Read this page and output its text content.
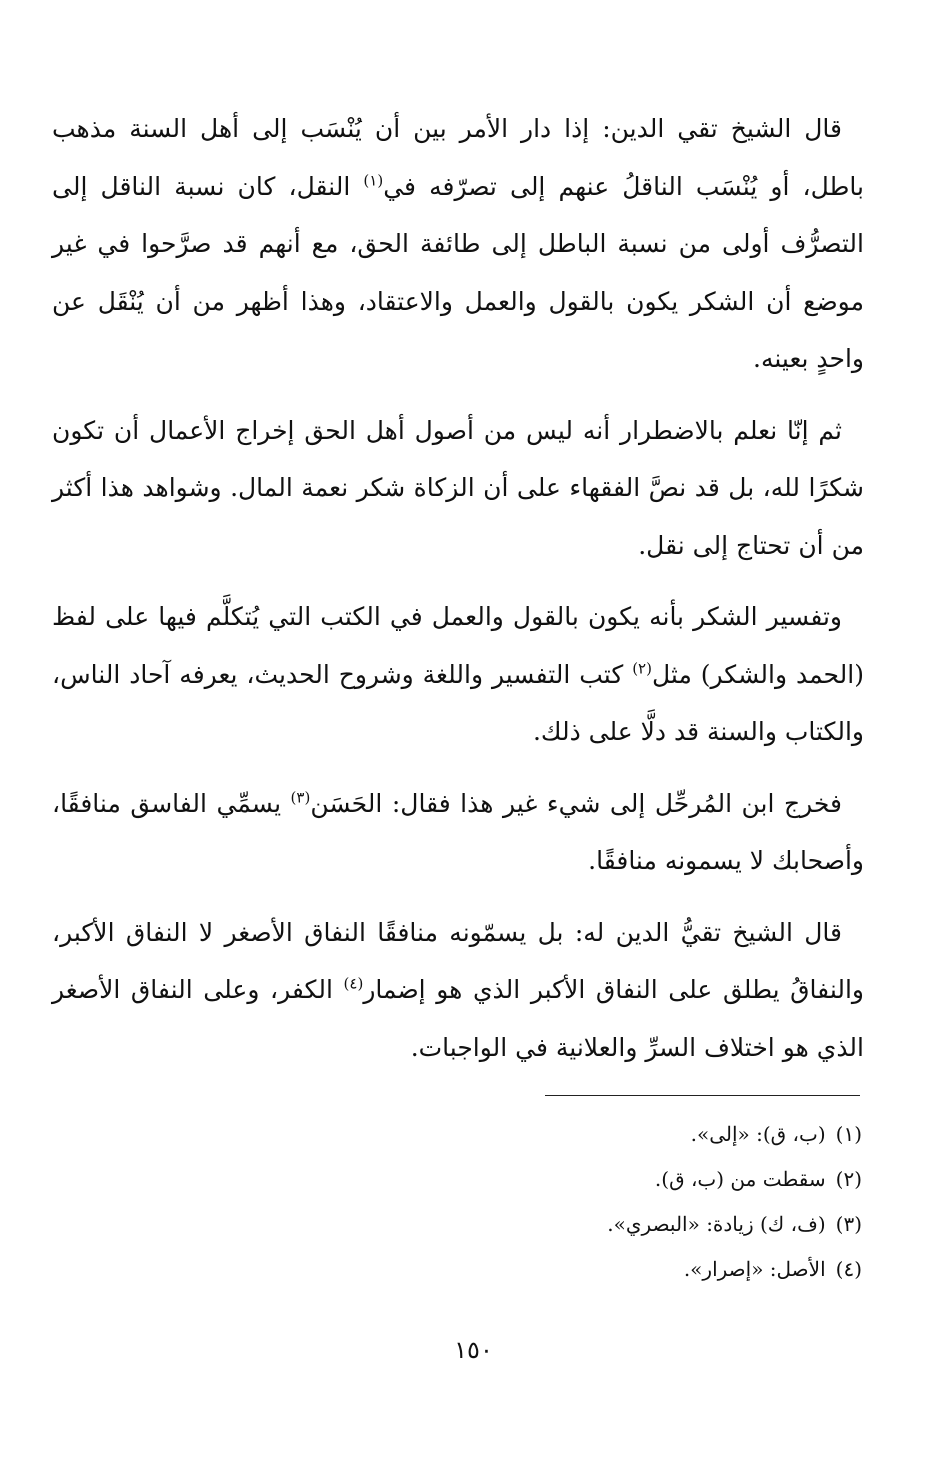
قال الشيخ تقي الدين: إذا دار الأمر بين أن يُنْسَب إلى أهل السنة مذهب باطل، أو يُنْسَب الناقلُ عنهم إلى تصرّفه في$^{(١)}$ النقل، كان نسبة الناقل إلى التصرُّف أولى من نسبة الباطل إلى طائفة الحق، مع أنهم قد صرَّحوا في غير موضع أن الشكر يكون بالقول والعمل والاعتقاد، وهذا أظهر من أن يُنْقَل عن واحدٍ بعينه.

ثم إنّا نعلم بالاضطرار أنه ليس من أصول أهل الحق إخراج الأعمال أن تكون شكرًا لله، بل قد نصَّ الفقهاء على أن الزكاة شكر نعمة المال. وشواهد هذا أكثر من أن تحتاج إلى نقل.

وتفسير الشكر بأنه يكون بالقول والعمل في الكتب التي يُتكلَّم فيها على لفظ (الحمد والشكر) مثل$^{(٢)}$ كتب التفسير واللغة وشروح الحديث، يعرفه آحاد الناس، والكتاب والسنة قد دلَّا على ذلك.

فخرج ابن المُرحِّل إلى شيء غير هذا فقال: الحَسَن$^{(٣)}$ يسمِّي الفاسق منافقًا، وأصحابك لا يسمونه منافقًا.

قال الشيخ تقيُّ الدين له: بل يسمّونه منافقًا النفاق الأصغر لا النفاق الأكبر، والنفاقُ يطلق على النفاق الأكبر الذي هو إضمار$^{(٤)}$ الكفر، وعلى النفاق الأصغر الذي هو اختلاف السرِّ والعلانية في الواجبات.

(١)(ب، ق): «إلى».

(٢)سقطت من (ب، ق).

(٣)(ف، ك) زيادة: «البصري».

(٤)الأصل: «إصرار».

١٥٠
